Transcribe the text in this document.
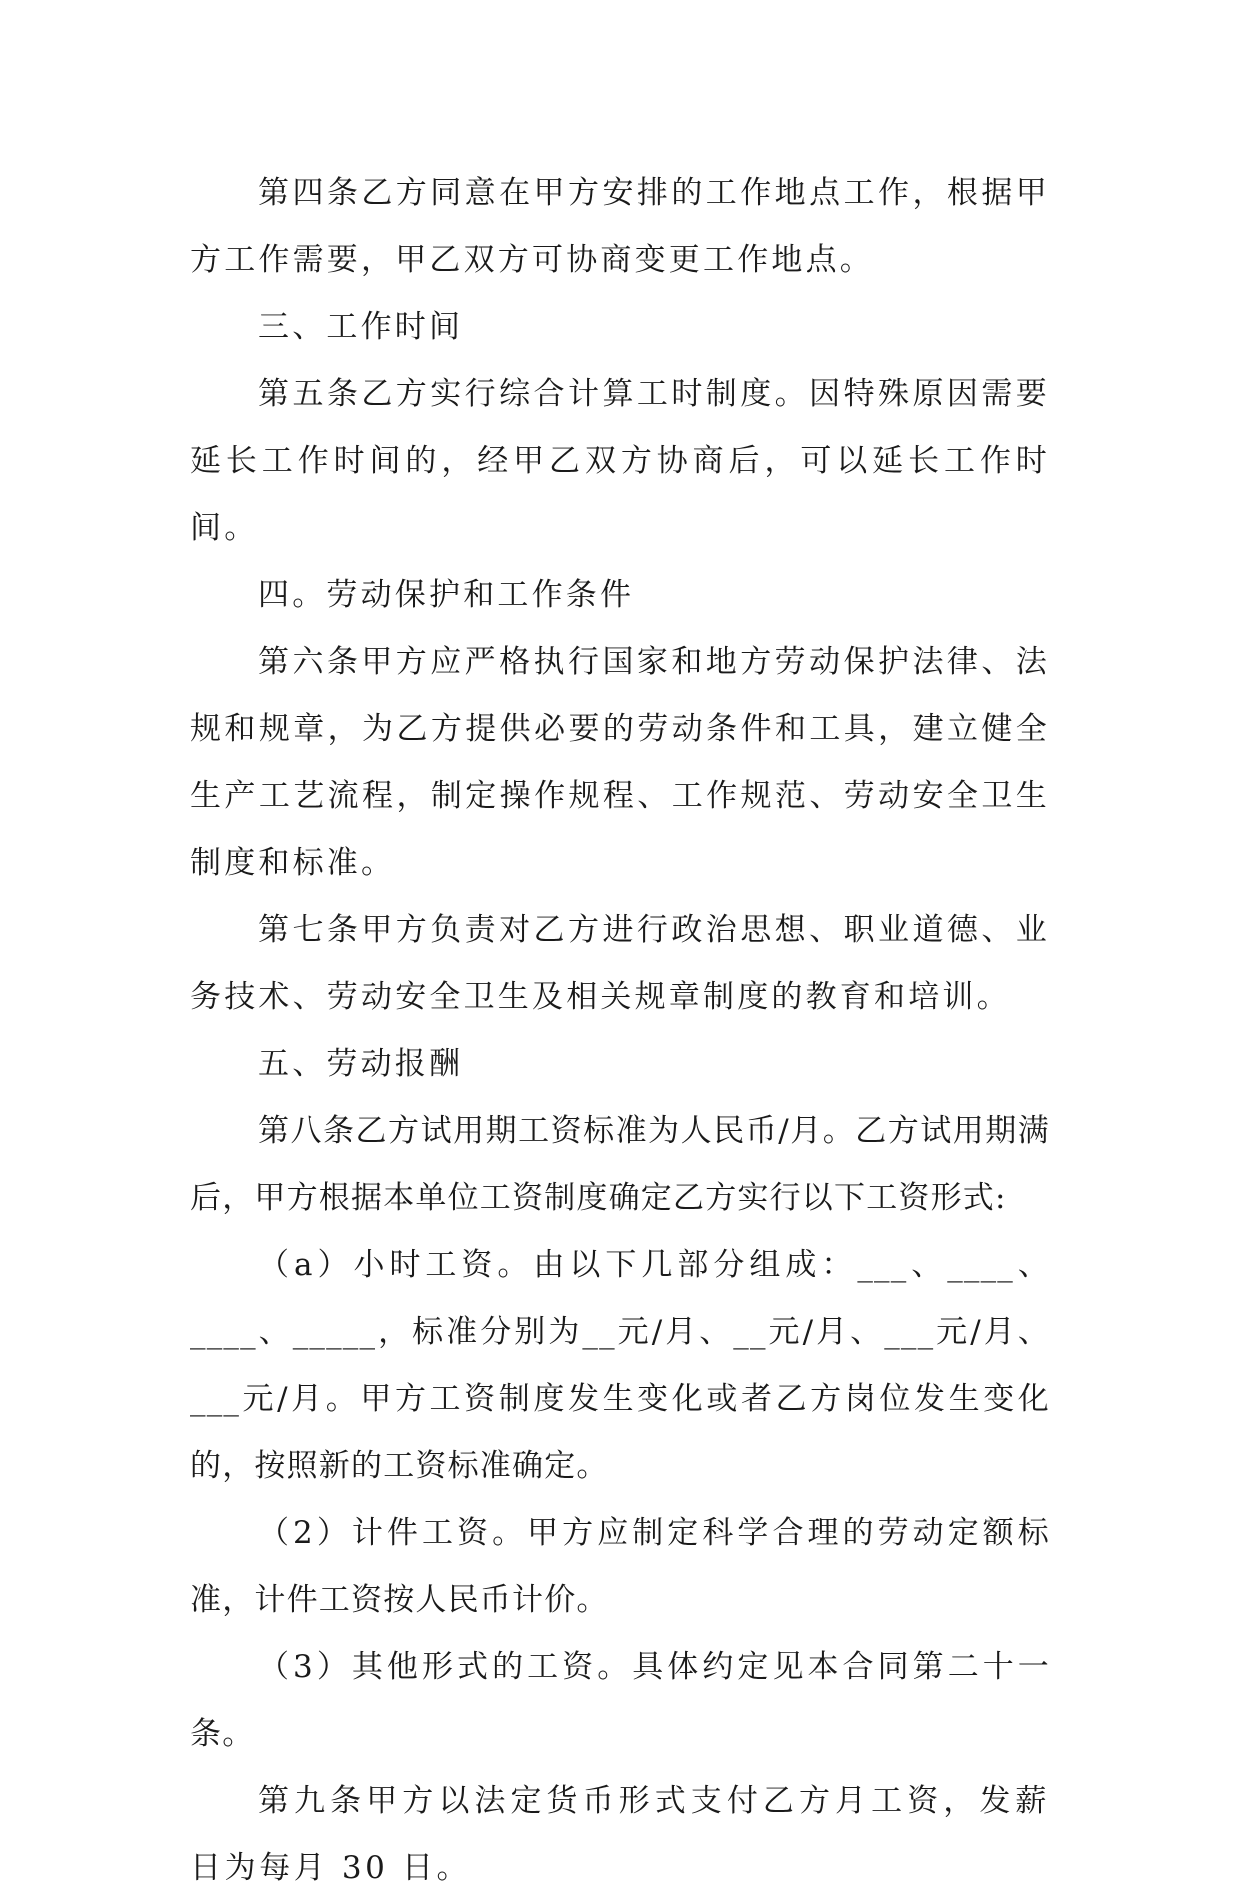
第四条乙方同意在甲方安排的工作地点工作，根据甲方工作需要，甲乙双方可协商变更工作地点。

三、工作时间

第五条乙方实行综合计算工时制度。因特殊原因需要延长工作时间的，经甲乙双方协商后，可以延长工作时间。

四。劳动保护和工作条件

第六条甲方应严格执行国家和地方劳动保护法律、法规和规章，为乙方提供必要的劳动条件和工具，建立健全生产工艺流程，制定操作规程、工作规范、劳动安全卫生制度和标准。

第七条甲方负责对乙方进行政治思想、职业道德、业务技术、劳动安全卫生及相关规章制度的教育和培训。

五、劳动报酬

第八条乙方试用期工资标准为人民币/月。乙方试用期满后，甲方根据本单位工资制度确定乙方实行以下工资形式:

（a）小时工资。由以下几部分组成：___、____、____、_____，标准分别为__元/月、__元/月、___元/月、___元/月。甲方工资制度发生变化或者乙方岗位发生变化的，按照新的工资标准确定。

（2）计件工资。甲方应制定科学合理的劳动定额标准，计件工资按人民币计价。

（3）其他形式的工资。具体约定见本合同第二十一条。

第九条甲方以法定货币形式支付乙方月工资，发薪日为每月 30 日。
